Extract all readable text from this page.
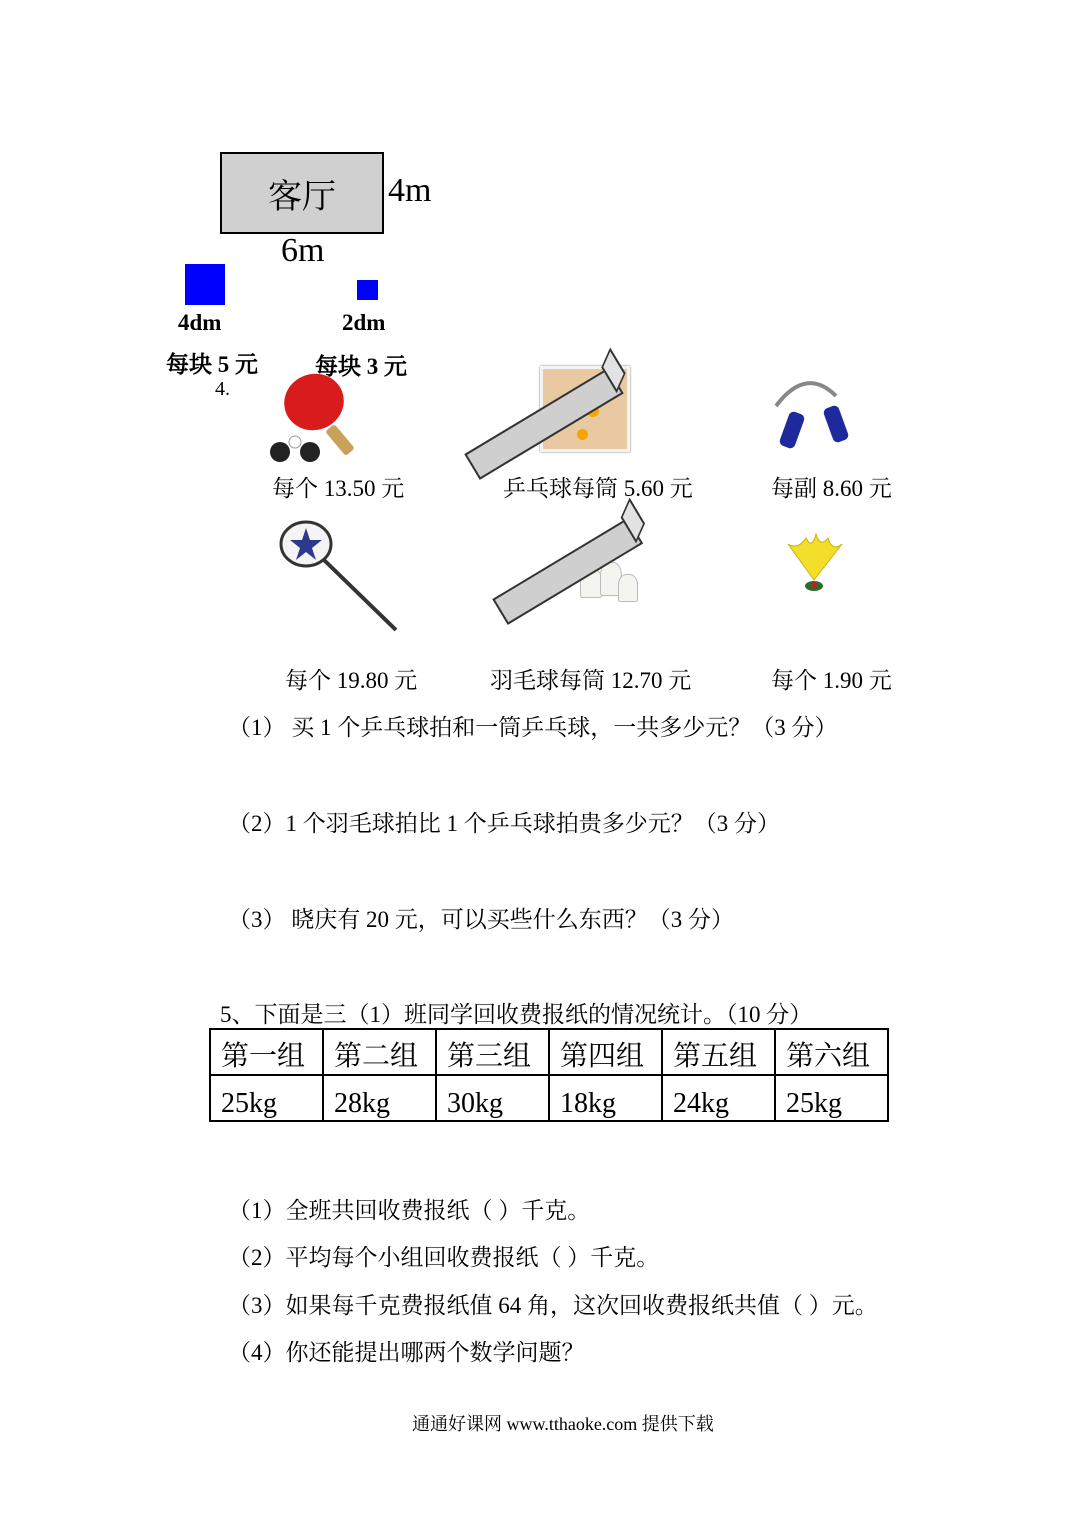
客厅 4m
6m
4dm	2dm
每块 5 元 每块 3 元
4.
每个 13.50 元	乒乓球每筒 5.60 元	每副 8.60 元
每个 19.80 元	羽毛球每筒 12.70 元	每个 1.90 元
（1） 买 1 个乒乓球拍和一筒乒乓球，一共多少元？（3 分）
（2）1 个羽毛球拍比 1 个乒乓球拍贵多少元？（3 分）
（3） 晓庆有 20 元，可以买些什么东西？（3 分）
5、下面是三（1）班同学回收费报纸的情况统计。（10 分）
第一组	第二组	第三组	第四组	第五组	第六组
25kg	28kg	30kg	18kg	24kg	25kg
（1）全班共回收费报纸（ ）千克。
（2）平均每个小组回收费报纸（ ）千克。
（3）如果每千克费报纸值 64 角，这次回收费报纸共值（ ）元。
（4）你还能提出哪两个数学问题？
通通好课网 www.tthaoke.com 提供下载
